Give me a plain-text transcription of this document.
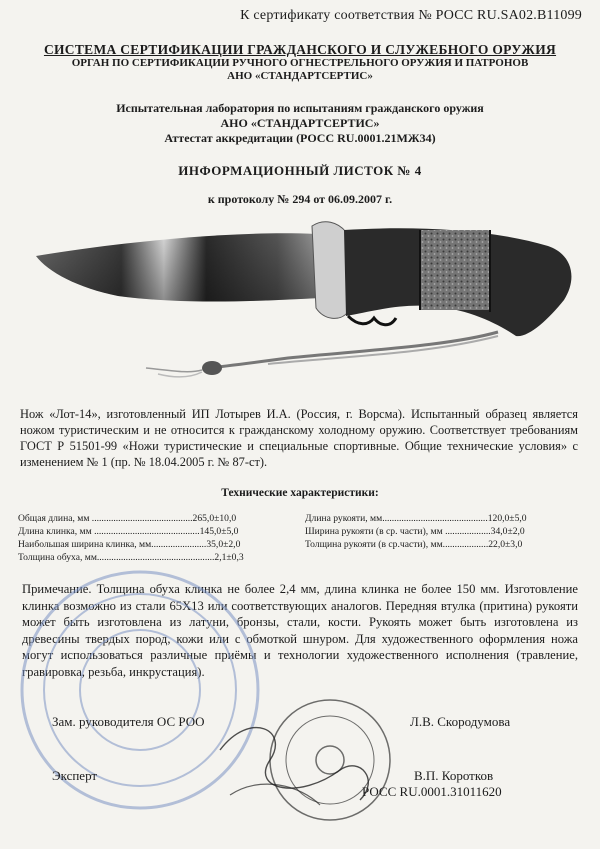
К сертификату соответствия № РОСС RU.SA02.B11099
СИСТЕМА СЕРТИФИКАЦИИ ГРАЖДАНСКОГО И СЛУЖЕБНОГО ОРУЖИЯ
ОРГАН ПО СЕРТИФИКАЦИИ РУЧНОГО ОГНЕСТРЕЛЬНОГО ОРУЖИЯ И ПАТРОНОВ
АНО «СТАНДАРТСЕРТИС»
Испытательная лаборатория по испытаниям гражданского оружия
АНО «СТАНДАРТСЕРТИС»
Аттестат аккредитации (РОСС RU.0001.21МЖ34)
ИНФОРМАЦИОННЫЙ ЛИСТОК № 4
к протоколу № 294 от 06.09.2007 г.
Нож «Лот-14», изготовленный ИП Лотырев И.А. (Россия, г. Ворсма). Испытанный образец является ножом туристическим и не относится к гражданскому холодному оружию. Соответствует требованиям ГОСТ Р 51501-99 «Ножи туристические и специальные спортивные. Общие технические условия» с изменением № 1 (пр. № 18.04.2005 г. № 87-ст).
Технические характеристики:
Общая длина, мм ..........................................265,0±10,0
Длина клинка, мм ............................................145,0±5,0
Наибольшая ширина клинка, мм.......................35,0±2,0
Толщина обуха, мм.................................................2,1±0,3
Длина рукояти, мм............................................120,0±5,0
Ширина рукояти (в ср. части), мм ...................34,0±2,0
Толщина рукояти (в ср.части), мм...................22,0±3,0
Примечание. Толщина обуха клинка не более 2,4 мм, длина клинка не более 150 мм. Изготовление клинка возможно из стали 65Х13 или соответствующих аналогов. Передняя втулка (притина) рукояти может быть изготовлена из латуни, бронзы, стали, кости. Рукоять может быть изготовлена из древесины твердых пород, кожи или с обмоткой шнуром. Для художественного оформления ножа могут использоваться различные приёмы и технологии художественного исполнения (травление, гравировка, резьба, инкрустация).
Зам. руководителя ОС РОО	Л.В. Скородумова
Эксперт	В.П. Коротков
РОСС RU.0001.31011620
